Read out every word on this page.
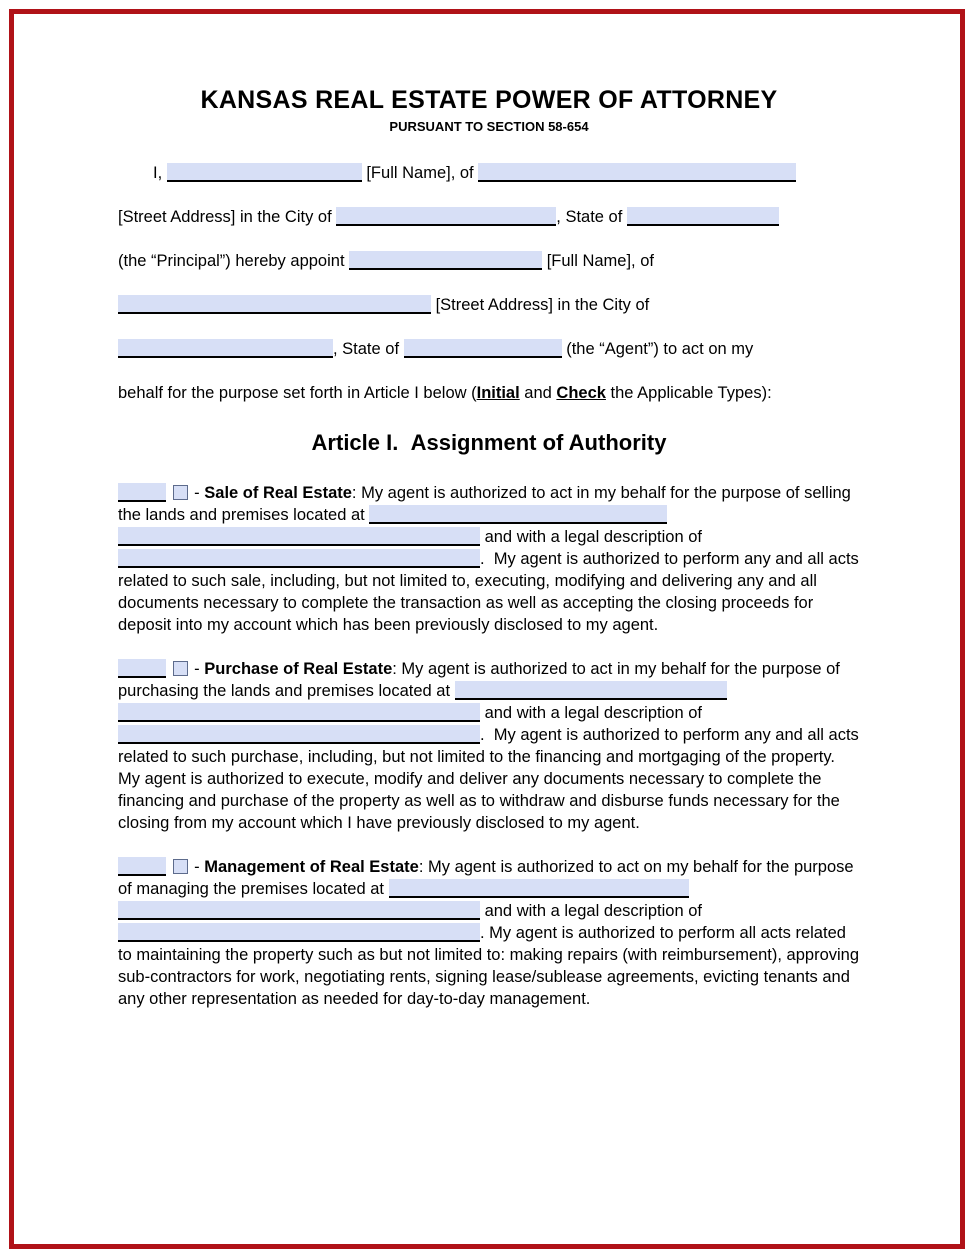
KANSAS REAL ESTATE POWER OF ATTORNEY
PURSUANT TO SECTION 58-654
I,	[Full Name], of
[Street Address] in the City of	, State of
(the “Principal”) hereby appoint	[Full Name], of
[Street Address] in the City of
, State of	(the “Agent”) to act on my

behalf for the purpose set forth in Article I below (Initial and Check the Applicable Types):

Article I.  Assignment of Authority

- Sale of Real Estate: My agent is authorized to act in my behalf for the purpose of selling the lands and premises located at   and with a legal description of .  My agent is authorized to perform any and all acts related to such sale, including, but not limited to, executing, modifying and delivering any and all documents necessary to complete the transaction as well as accepting the closing proceeds for deposit into my account which has been previously disclosed to my agent.

- Purchase of Real Estate: My agent is authorized to act in my behalf for the purpose of purchasing the lands and premises located at   and with a legal description of .  My agent is authorized to perform any and all acts related to such purchase, including, but not limited to the financing and mortgaging of the property. My agent is authorized to execute, modify and deliver any documents necessary to complete the financing and purchase of the property as well as to withdraw and disburse funds necessary for the closing from my account which I have previously disclosed to my agent.

- Management of Real Estate: My agent is authorized to act on my behalf for the purpose of managing the premises located at   and with a legal description of . My agent is authorized to perform all acts related to maintaining the property such as but not limited to: making repairs (with reimbursement), approving sub-contractors for work, negotiating rents, signing lease/sublease agreements, evicting tenants and any other representation as needed for day-to-day management.
